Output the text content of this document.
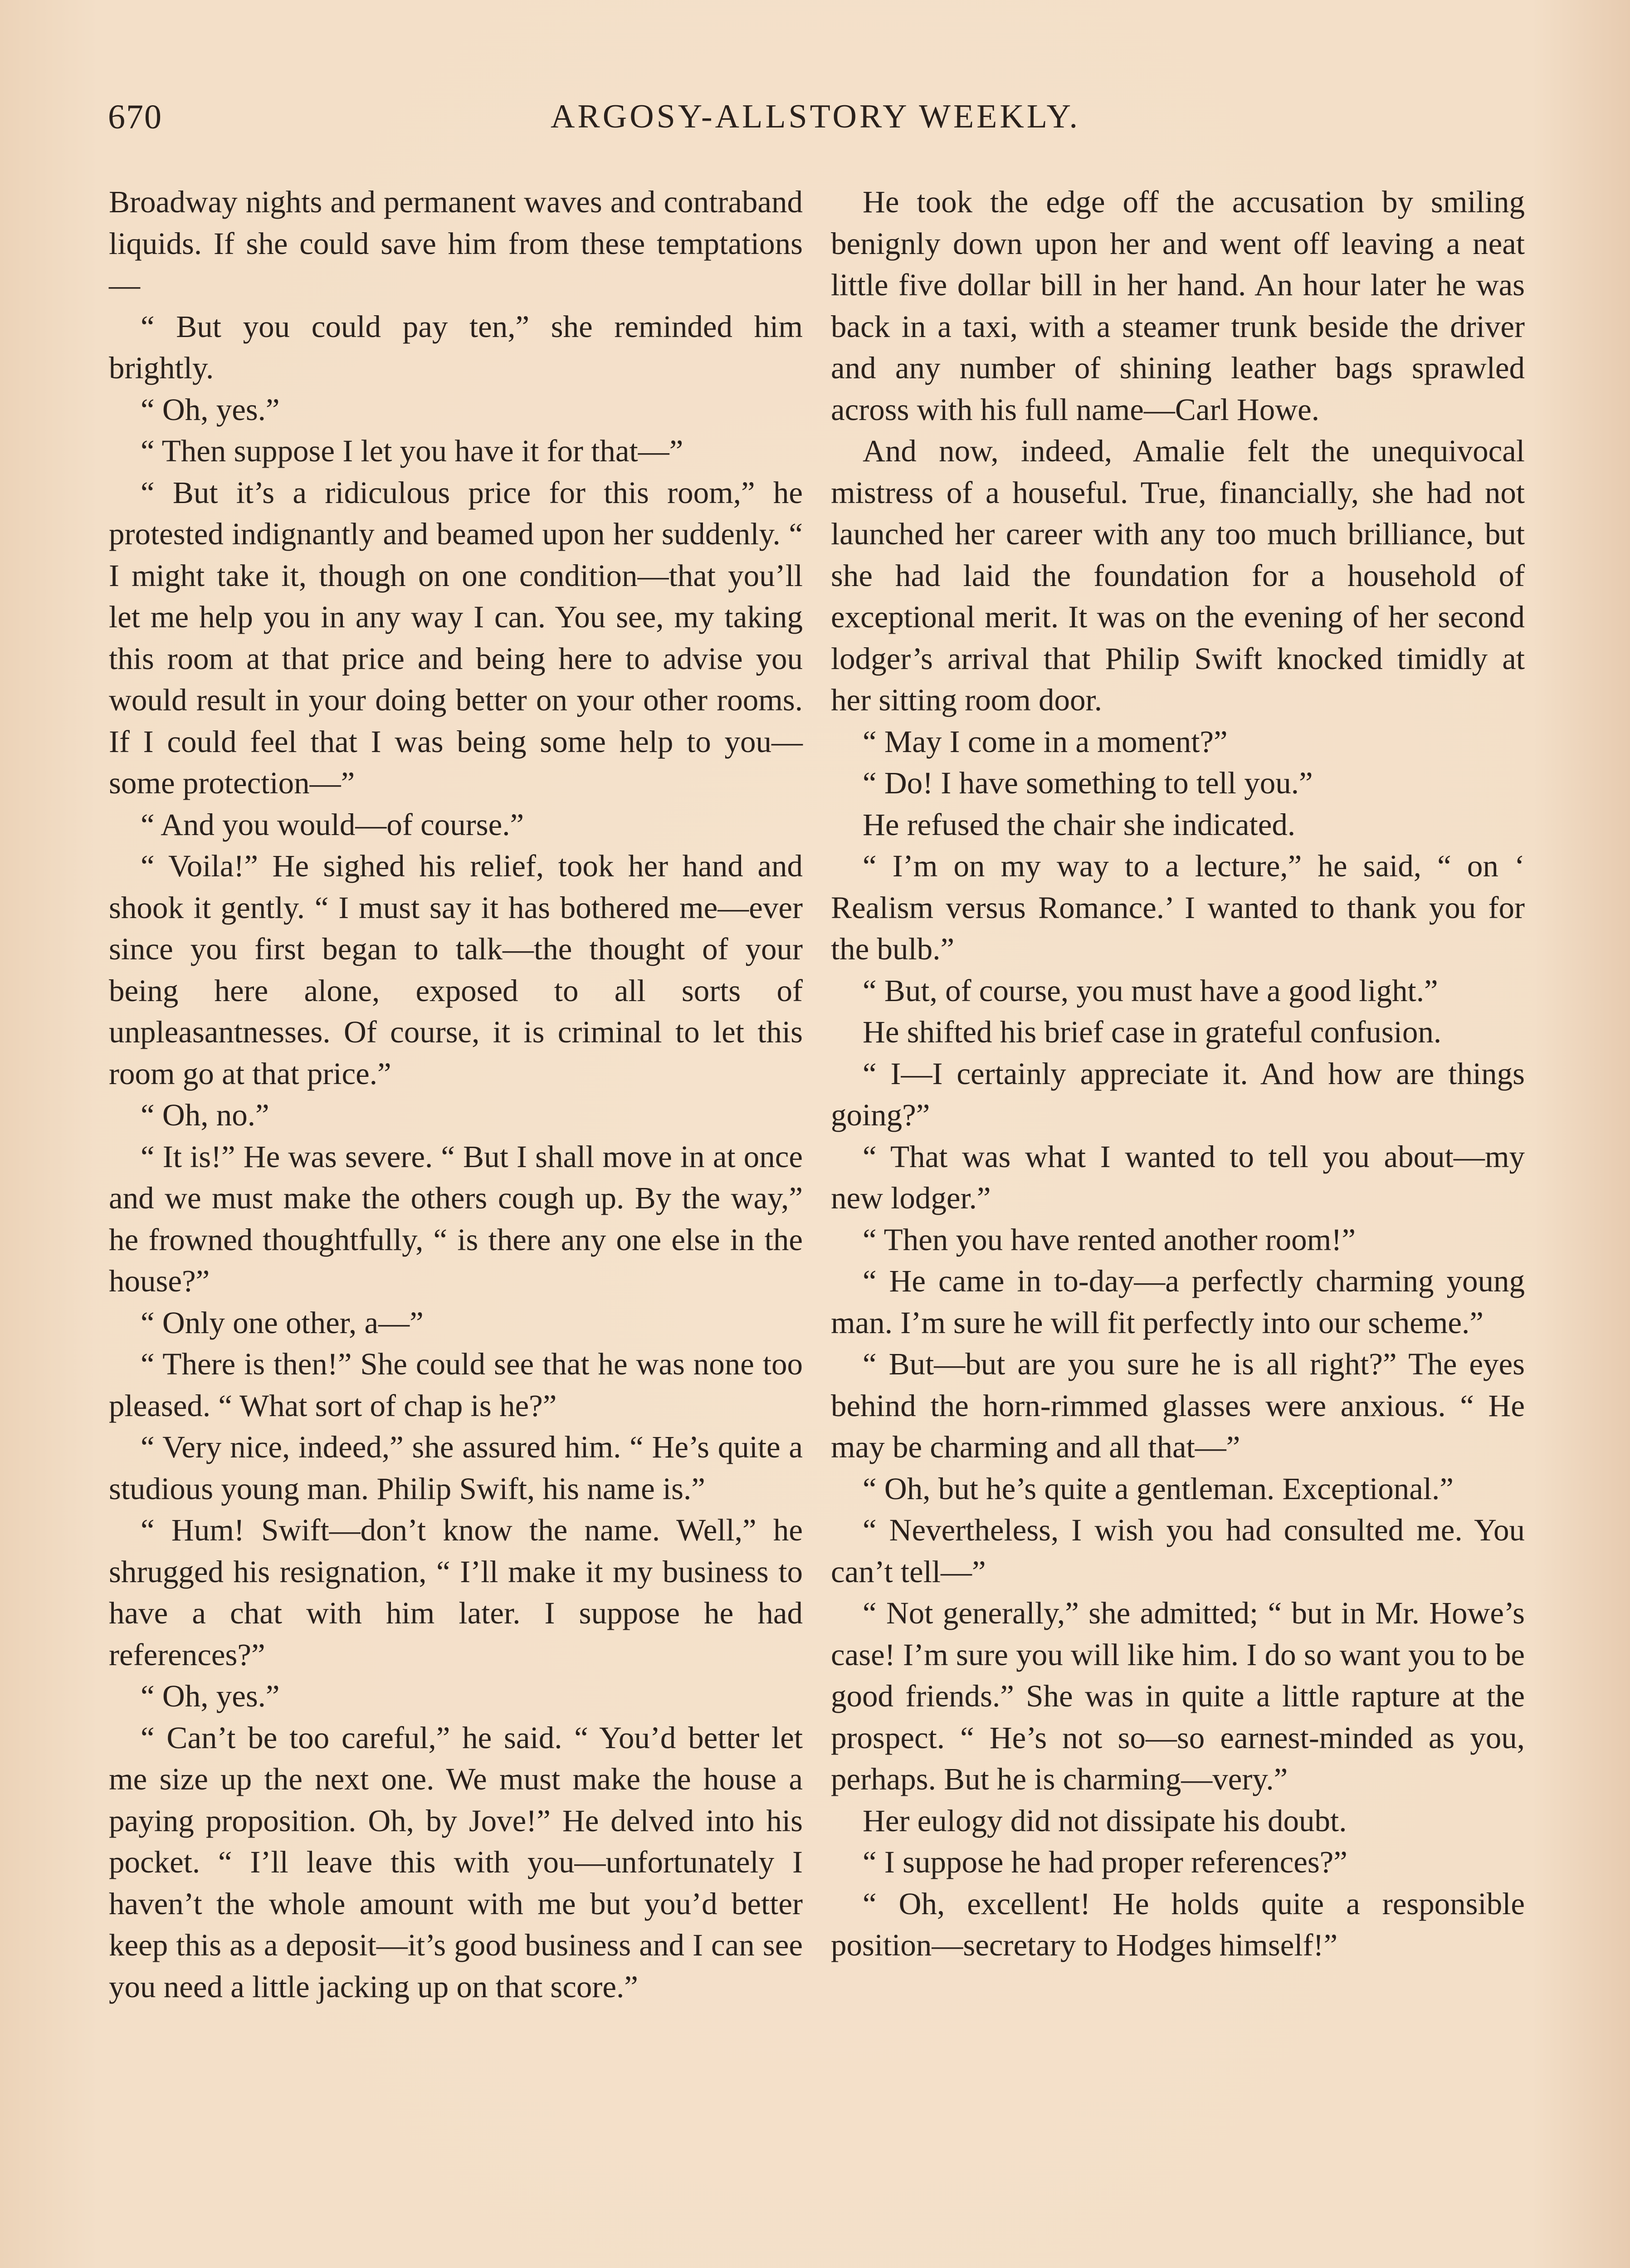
670	ARGOSY-ALLSTORY WEEKLY.

Broadway nights and permanent waves and contraband liquids. If she could save him from these temptations—

“ But you could pay ten,” she reminded him brightly.

“ Oh, yes.”

“ Then suppose I let you have it for that—”

“ But it’s a ridiculous price for this room,” he protested indignantly and beamed upon her suddenly. “ I might take it, though on one condition—that you’ll let me help you in any way I can. You see, my taking this room at that price and being here to advise you would result in your doing better on your other rooms. If I could feel that I was being some help to you—some protection—”

“ And you would—of course.”

“ Voila!” He sighed his relief, took her hand and shook it gently. “ I must say it has bothered me—ever since you first began to talk—the thought of your being here alone, exposed to all sorts of unpleasantnesses. Of course, it is criminal to let this room go at that price.”

“ Oh, no.”

“ It is!” He was severe. “ But I shall move in at once and we must make the others cough up. By the way,” he frowned thoughtfully, “ is there any one else in the house?”

“ Only one other, a—”

“ There is then!” She could see that he was none too pleased. “ What sort of chap is he?”

“ Very nice, indeed,” she assured him. “ He’s quite a studious young man. Philip Swift, his name is.”

“ Hum! Swift—don’t know the name. Well,” he shrugged his resignation, “ I’ll make it my business to have a chat with him later. I suppose he had references?”

“ Oh, yes.”

“ Can’t be too careful,” he said. “ You’d better let me size up the next one. We must make the house a paying proposition. Oh, by Jove!” He delved into his pocket. “ I’ll leave this with you—unfortunately I haven’t the whole amount with me but you’d better keep this as a deposit—it’s good business and I can see you need a little jacking up on that score.”

He took the edge off the accusation by smiling benignly down upon her and went off leaving a neat little five dollar bill in her hand. An hour later he was back in a taxi, with a steamer trunk beside the driver and any number of shining leather bags sprawled across with his full name—Carl Howe.

And now, indeed, Amalie felt the unequivocal mistress of a houseful. True, financially, she had not launched her career with any too much brilliance, but she had laid the foundation for a household of exceptional merit. It was on the evening of her second lodger’s arrival that Philip Swift knocked timidly at her sitting room door.

“ May I come in a moment?”

“ Do! I have something to tell you.”

He refused the chair she indicated.

“ I’m on my way to a lecture,” he said, “ on ‘ Realism versus Romance.’ I wanted to thank you for the bulb.”

“ But, of course, you must have a good light.”

He shifted his brief case in grateful confusion.

“ I—I certainly appreciate it. And how are things going?”

“ That was what I wanted to tell you about—my new lodger.”

“ Then you have rented another room!”

“ He came in to-day—a perfectly charming young man. I’m sure he will fit perfectly into our scheme.”

“ But—but are you sure he is all right?” The eyes behind the horn-rimmed glasses were anxious. “ He may be charming and all that—”

“ Oh, but he’s quite a gentleman. Exceptional.”

“ Nevertheless, I wish you had consulted me. You can’t tell—”

“ Not generally,” she admitted; “ but in Mr. Howe’s case! I’m sure you will like him. I do so want you to be good friends.” She was in quite a little rapture at the prospect. “ He’s not so—so earnest-minded as you, perhaps. But he is charming—very.”

Her eulogy did not dissipate his doubt.

“ I suppose he had proper references?”

“ Oh, excellent! He holds quite a responsible position—secretary to Hodges himself!”
